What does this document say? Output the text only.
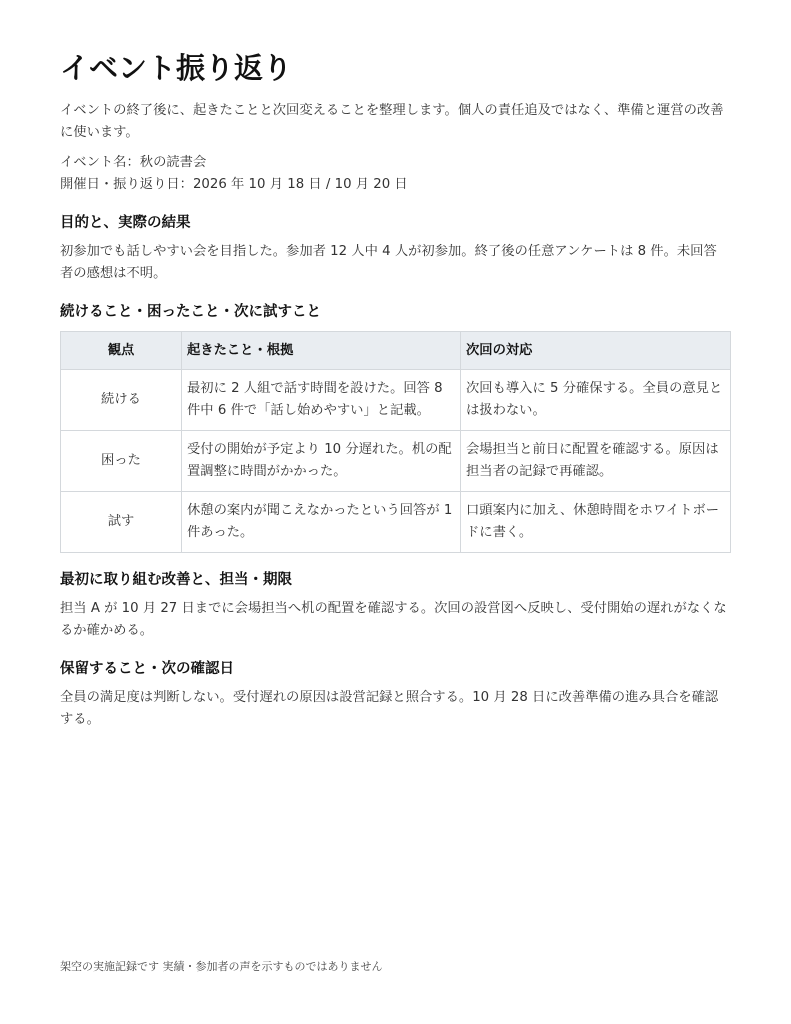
イベント振り返り

イベントの終了後に、起きたことと次回変えることを整理します。個人の責任追及ではなく、準備と運営の改善に使います。

イベント名：秋の読書会
開催日・振り返り日：2026 年 10 月 18 日 / 10 月 20 日
目的と、実際の結果

初参加でも話しやすい会を目指した。参加者 12 人中 4 人が初参加。終了後の任意アンケートは 8 件。未回答者の感想は不明。

続けること・困ったこと・次に試すこと
観点	起きたこと・根拠	次回の対応
続ける	最初に 2 人組で話す時間を設けた。回答 8 件中 6 件で「話し始めやすい」と記載。	次回も導入に 5 分確保する。全員の意見とは扱わない。
困った	受付の開始が予定より 10 分遅れた。机の配置調整に時間がかかった。	会場担当と前日に配置を確認する。原因は担当者の記録で再確認。
試す	休憩の案内が聞こえなかったという回答が 1 件あった。	口頭案内に加え、休憩時間をホワイトボードに書く。
最初に取り組む改善と、担当・期限

担当 A が 10 月 27 日までに会場担当へ机の配置を確認する。次回の設営図へ反映し、受付開始の遅れがなくなるか確かめる。

保留すること・次の確認日

全員の満足度は判断しない。受付遅れの原因は設営記録と照合する。10 月 28 日に改善準備の進み具合を確認する。

架空の実施記録です 実績・参加者の声を示すものではありません
